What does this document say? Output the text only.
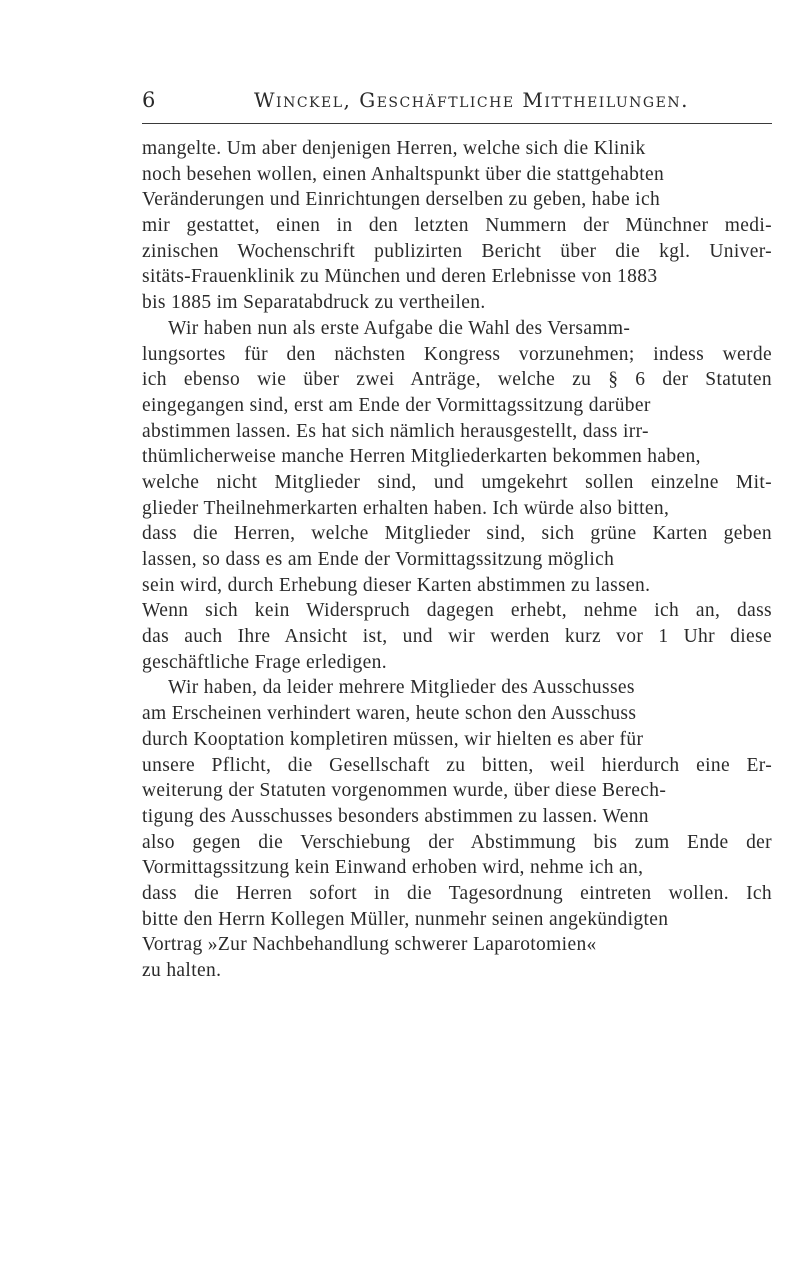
6	Winckel, Geschäftliche Mittheilungen.
mangelte. Um aber denjenigen Herren, welche sich die Klinik
noch besehen wollen, einen Anhaltspunkt über die stattgehabten
Veränderungen und Einrichtungen derselben zu geben, habe ich
mir gestattet, einen in den letzten Nummern der Münchner medi-
zinischen Wochenschrift publizirten Bericht über die kgl. Univer-
sitäts-Frauenklinik zu München und deren Erlebnisse von 1883
bis 1885 im Separatabdruck zu vertheilen.
Wir haben nun als erste Aufgabe die Wahl des Versamm-
lungsortes für den nächsten Kongress vorzunehmen; indess werde
ich ebenso wie über zwei Anträge, welche zu § 6 der Statuten
eingegangen sind, erst am Ende der Vormittagssitzung darüber
abstimmen lassen. Es hat sich nämlich herausgestellt, dass irr-
thümlicherweise manche Herren Mitgliederkarten bekommen haben,
welche nicht Mitglieder sind, und umgekehrt sollen einzelne Mit-
glieder Theilnehmerkarten erhalten haben. Ich würde also bitten,
dass die Herren, welche Mitglieder sind, sich grüne Karten geben
lassen, so dass es am Ende der Vormittagssitzung möglich
sein wird, durch Erhebung dieser Karten abstimmen zu lassen.
Wenn sich kein Widerspruch dagegen erhebt, nehme ich an, dass
das auch Ihre Ansicht ist, und wir werden kurz vor 1 Uhr diese
geschäftliche Frage erledigen.
Wir haben, da leider mehrere Mitglieder des Ausschusses
am Erscheinen verhindert waren, heute schon den Ausschuss
durch Kooptation kompletiren müssen, wir hielten es aber für
unsere Pflicht, die Gesellschaft zu bitten, weil hierdurch eine Er-
weiterung der Statuten vorgenommen wurde, über diese Berech-
tigung des Ausschusses besonders abstimmen zu lassen. Wenn
also gegen die Verschiebung der Abstimmung bis zum Ende der
Vormittagssitzung kein Einwand erhoben wird, nehme ich an,
dass die Herren sofort in die Tagesordnung eintreten wollen. Ich
bitte den Herrn Kollegen Müller, nunmehr seinen angekündigten
Vortrag »Zur Nachbehandlung schwerer Laparotomien«
zu halten.
